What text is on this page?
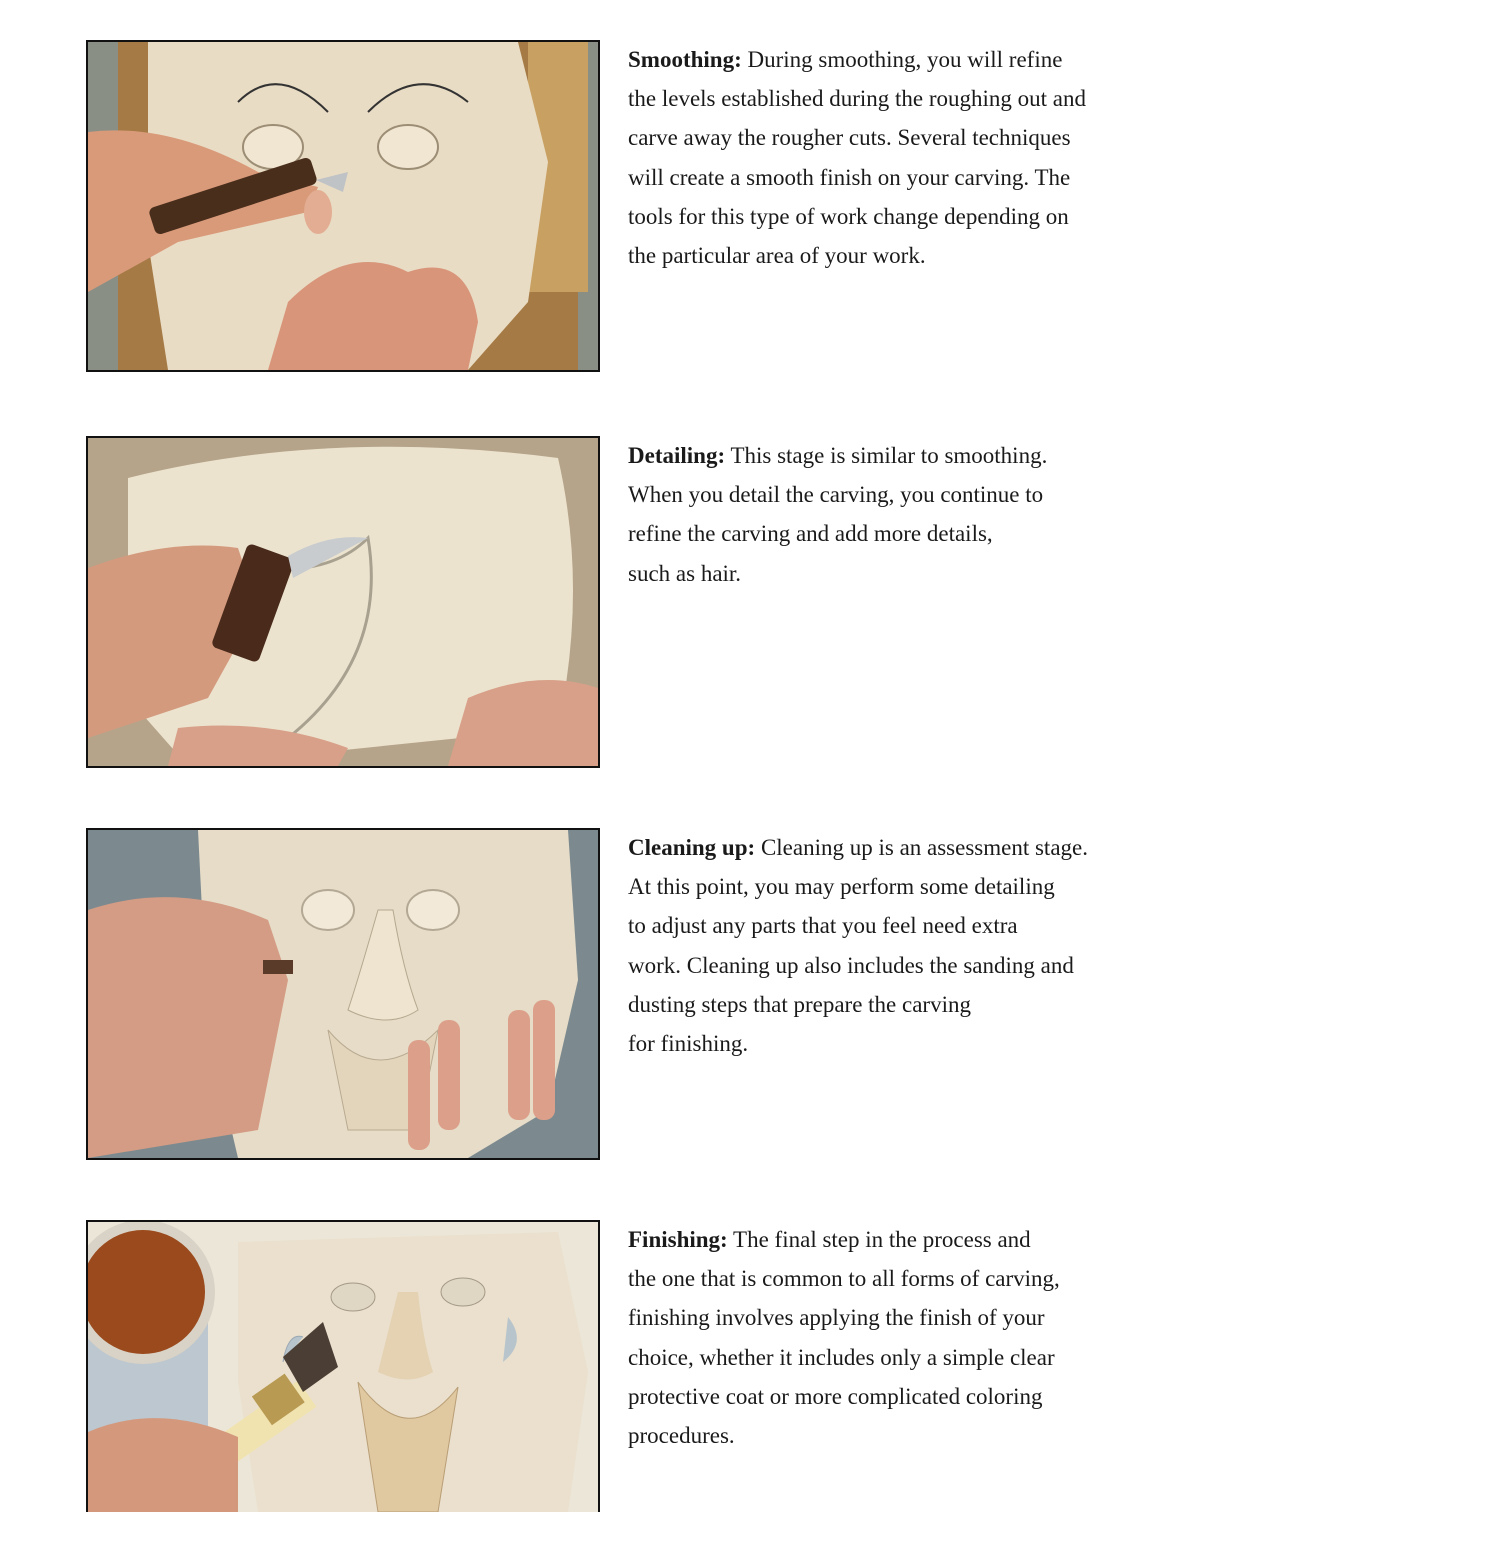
Smoothing: During smoothing, you will refine
the levels established during the roughing out and
carve away the rougher cuts. Several techniques
will create a smooth finish on your carving. The
tools for this type of work change depending on
the particular area of your work.
Detailing: This stage is similar to smoothing.
When you detail the carving, you continue to
refine the carving and add more details,
such as hair.
Cleaning up: Cleaning up is an assessment stage.
At this point, you may perform some detailing
to adjust any parts that you feel need extra
work. Cleaning up also includes the sanding and
dusting steps that prepare the carving
for finishing.
Finishing: The final step in the process and
the one that is common to all forms of carving,
finishing involves applying the finish of your
choice, whether it includes only a simple clear
protective coat or more complicated coloring
procedures.
